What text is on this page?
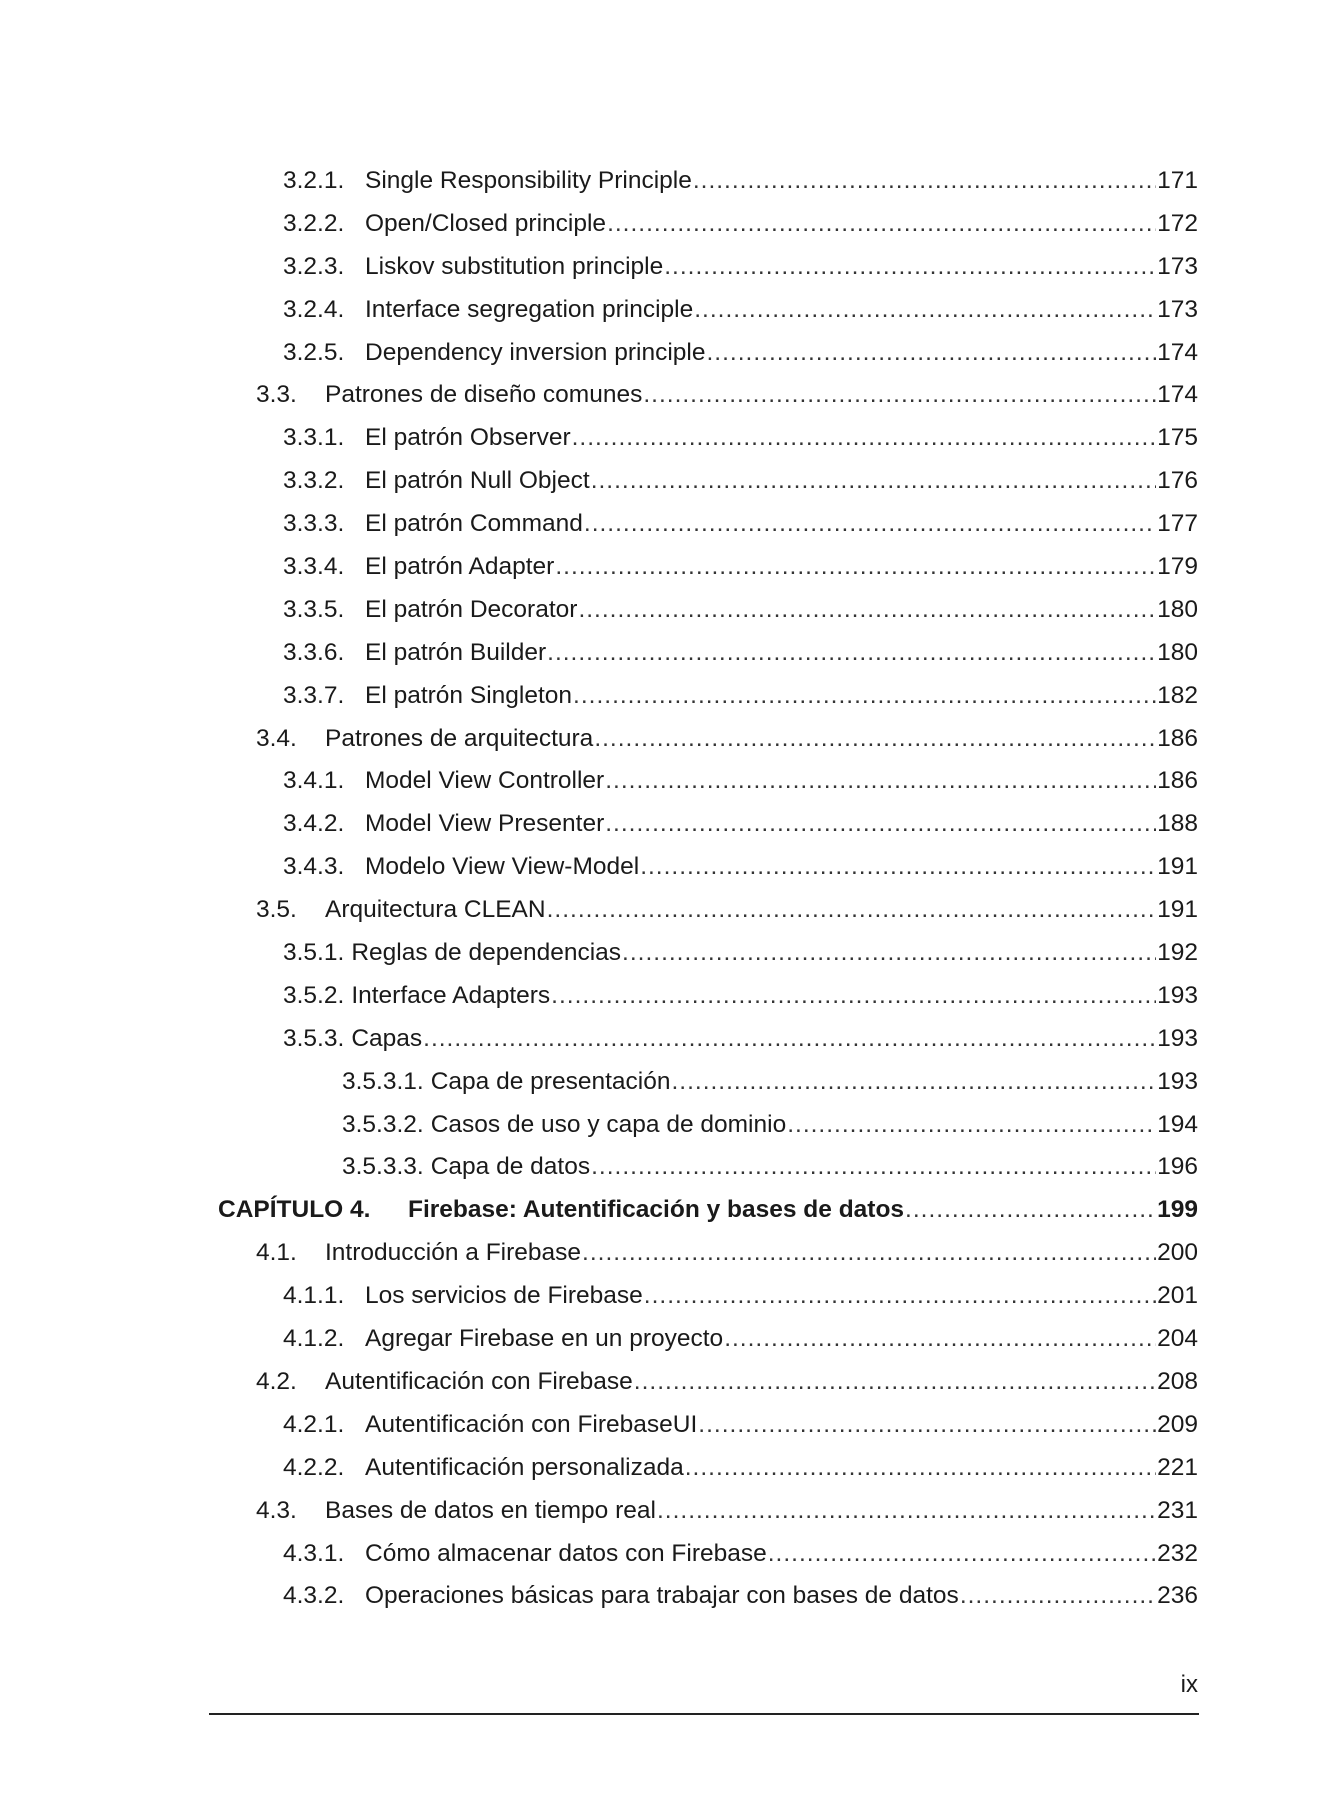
3.2.1. Single Responsibility Principle .....	171
3.2.2. Open/Closed principle .....	172
3.2.3. Liskov substitution principle .....	173
3.2.4. Interface segregation principle .....	173
3.2.5. Dependency inversion principle .....	174
3.3.	Patrones de diseño comunes .....	174
3.3.1. El patrón Observer .....	175
3.3.2. El patrón Null Object .....	176
3.3.3. El patrón Command .....	177
3.3.4. El patrón Adapter .....	179
3.3.5. El patrón Decorator .....	180
3.3.6. El patrón Builder .....	180
3.3.7. El patrón Singleton .....	182
3.4.	Patrones de arquitectura .....	186
3.4.1. Model View Controller .....	186
3.4.2. Model View Presenter .....	188
3.4.3. Modelo View View-Model .....	191
3.5.	Arquitectura CLEAN .....	191
3.5.1. Reglas de dependencias .....	192
3.5.2. Interface Adapters .....	193
3.5.3. Capas .....	193
3.5.3.1. Capa de presentación .....	193
3.5.3.2. Casos de uso y capa de dominio .....	194
3.5.3.3. Capa de datos .....	196
CAPÍTULO 4.	Firebase: Autentificación y bases de datos .....	199
4.1.	Introducción a Firebase .....	200
4.1.1. Los servicios de Firebase .....	201
4.1.2. Agregar Firebase en un proyecto .....	204
4.2.	Autentificación con Firebase .....	208
4.2.1. Autentificación con FirebaseUI .....	209
4.2.2. Autentificación personalizada .....	221
4.3.	Bases de datos en tiempo real .....	231
4.3.1. Cómo almacenar datos con Firebase .....	232
4.3.2. Operaciones básicas para trabajar con bases de datos .....	236
ix
